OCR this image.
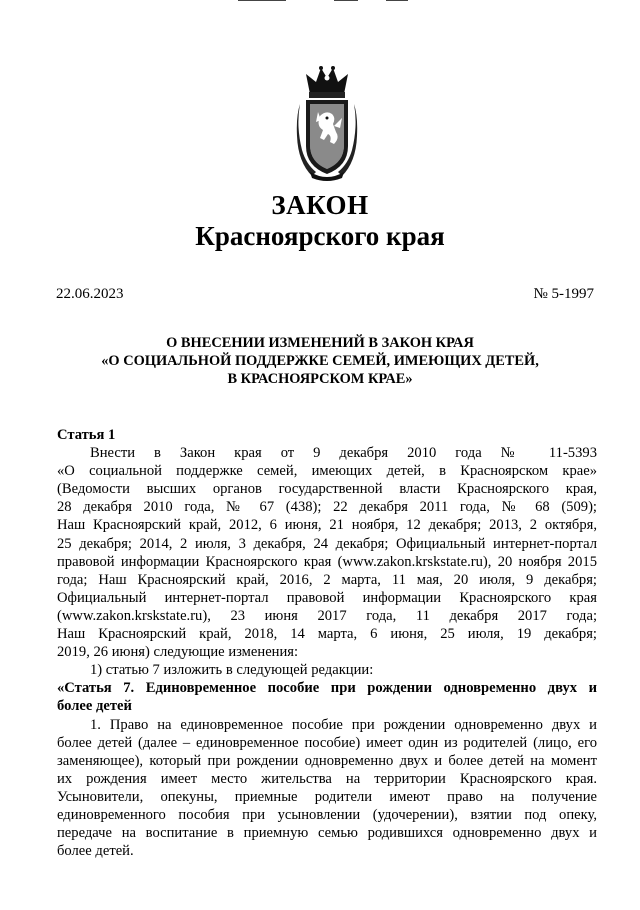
ЗАКОН
Красноярского края
22.06.2023	№ 5-1997
О ВНЕСЕНИИ ИЗМЕНЕНИЙ В ЗАКОН КРАЯ
«О СОЦИАЛЬНОЙ ПОДДЕРЖКЕ СЕМЕЙ, ИМЕЮЩИХ ДЕТЕЙ,
В КРАСНОЯРСКОМ КРАЕ»
Статья 1
Внести в Закон края от 9 декабря 2010 года № 11-5393
«О социальной поддержке семей, имеющих детей, в Красноярском крае»
(Ведомости высших органов государственной власти Красноярского края,
28 декабря 2010 года, № 67 (438); 22 декабря 2011 года, № 68 (509);
Наш Красноярский край, 2012, 6 июня, 21 ноября, 12 декабря; 2013, 2 октября,
25 декабря; 2014, 2 июля, 3 декабря, 24 декабря; Официальный интернет-портал
правовой информации Красноярского края (www.zakon.krskstate.ru), 20 ноября 2015
года; Наш Красноярский край, 2016, 2 марта, 11 мая, 20 июля, 9 декабря;
Официальный интернет-портал правовой информации Красноярского края
(www.zakon.krskstate.ru), 23 июня 2017 года, 11 декабря 2017 года;
Наш Красноярский край, 2018, 14 марта, 6 июня, 25 июля, 19 декабря;
2019, 26 июня) следующие изменения:
1) статью 7 изложить в следующей редакции:
«Статья 7. Единовременное пособие при рождении одновременно двух и
более детей
1. Право на единовременное пособие при рождении одновременно двух и
более детей (далее – единовременное пособие) имеет один из родителей (лицо, его
заменяющее), который при рождении одновременно двух и более детей на момент
их рождения имеет место жительства на территории Красноярского края.
Усыновители, опекуны, приемные родители имеют право на получение
единовременного пособия при усыновлении (удочерении), взятии под опеку,
передаче на воспитание в приемную семью родившихся одновременно двух и
более детей.
